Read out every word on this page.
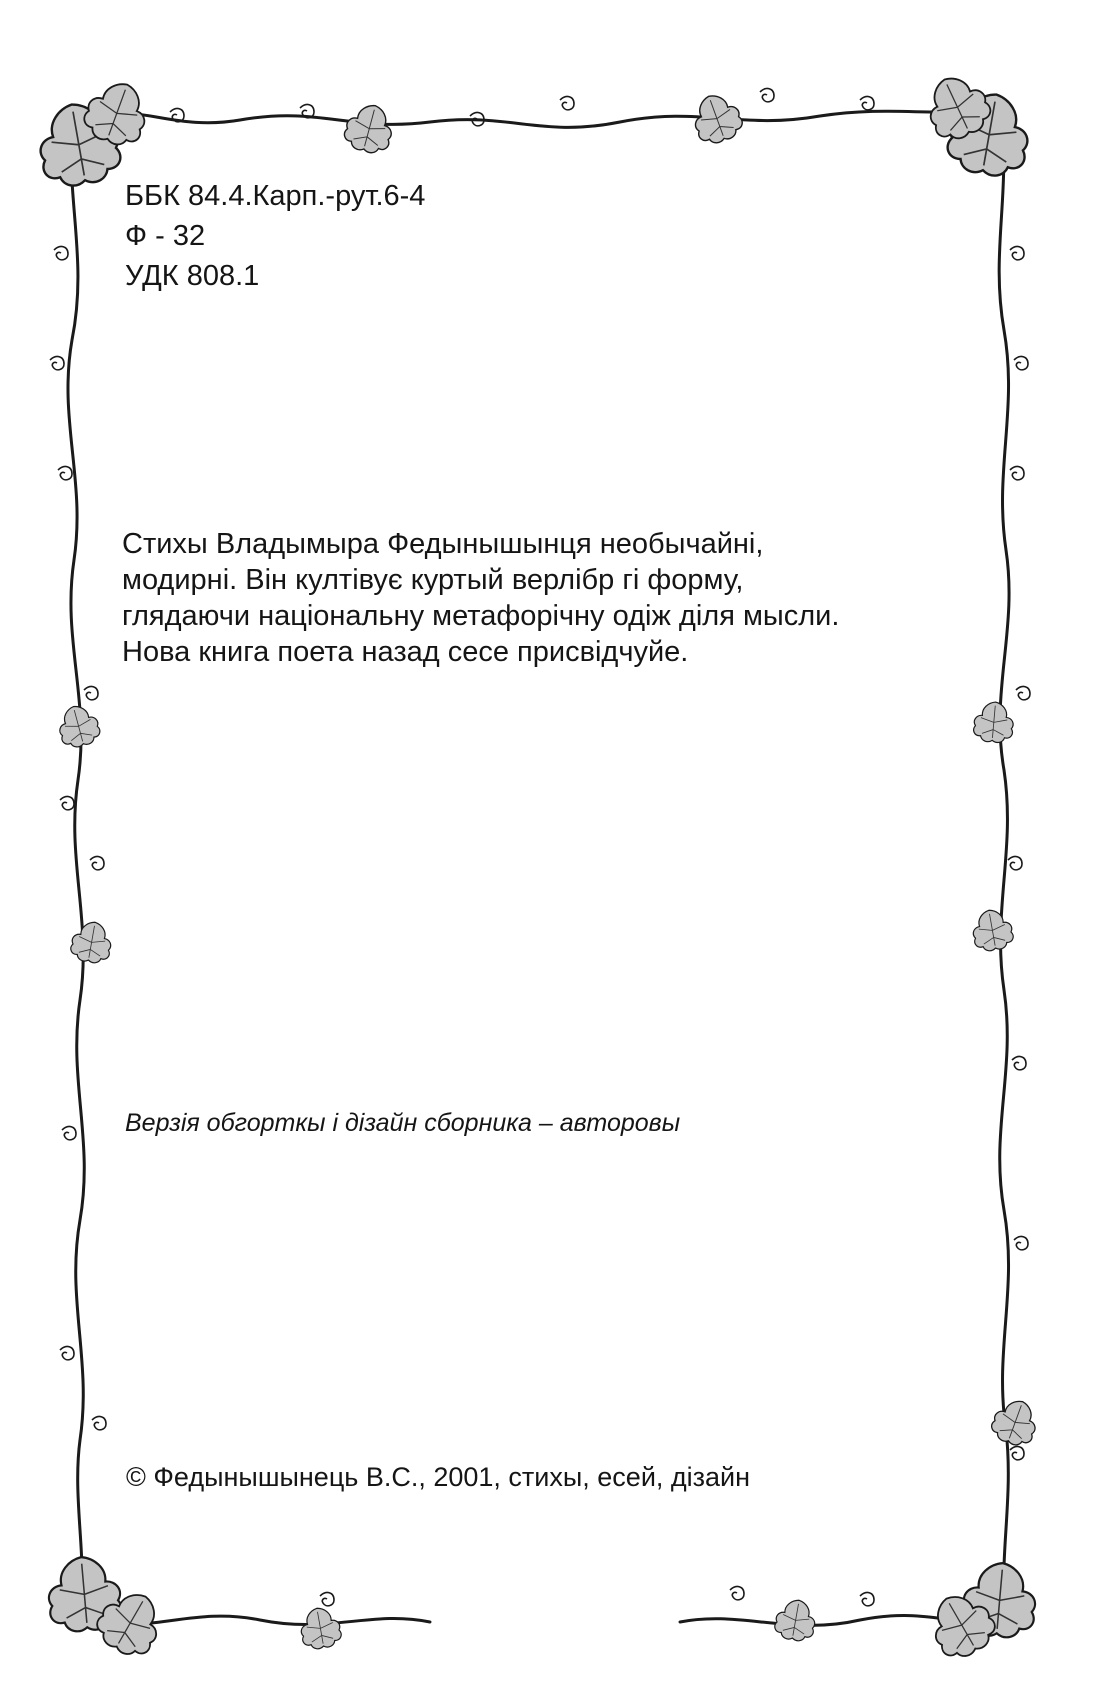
ББК 84.4.Карп.-рут.6-4
Ф - 32
УДК 808.1
Стихы Владымыра Федынышынця необычайні,
модирні. Він култівує куртый верлібр гі форму,
глядаючи національну метафорічну одіж діля мысли.
Нова книга поета назад сесе присвідчуйе.
Верзія обгорткы і дізайн сборника – авторовы
© Федынышынець В.С., 2001, стихы, есей, дізайн
